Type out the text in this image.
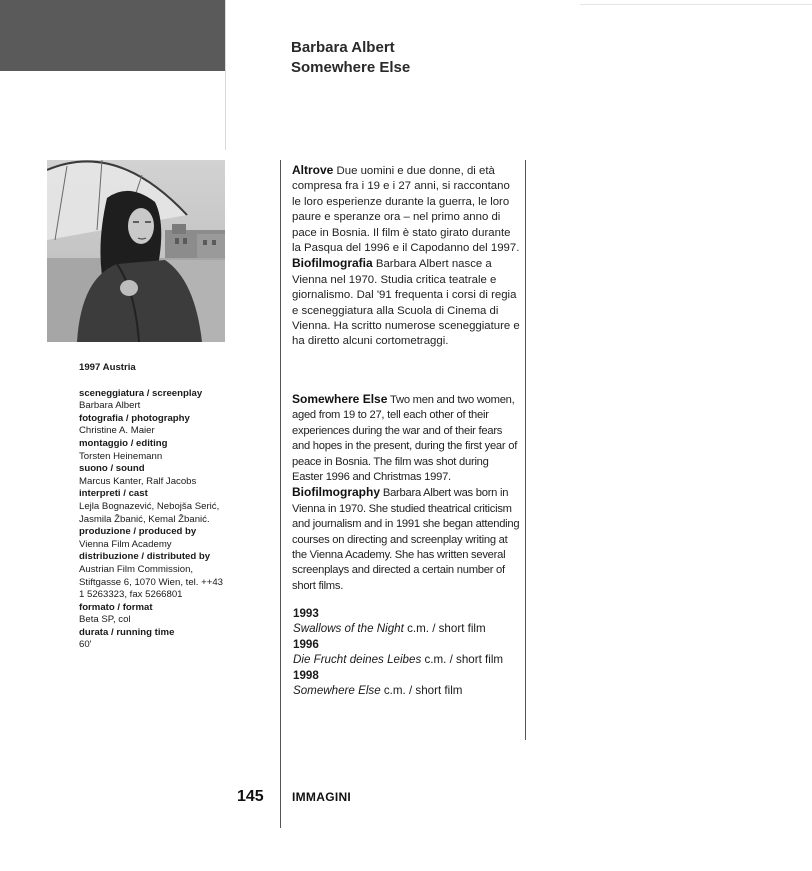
Barbara Albert
Somewhere Else
1997 Austria
sceneggiatura / screenplay
Barbara Albert
fotografia / photography
Christine A. Maier
montaggio / editing
Torsten Heinemann
suono / sound
Marcus Kanter, Ralf Jacobs
interpreti / cast
Lejla Bognazević, Nebojša Serić, Jasmila Žbanić, Kemal Žbanić.
produzione / produced by
Vienna Film Academy
distribuzione / distributed by
Austrian Film Commission, Stiftgasse 6, 1070 Wien, tel. ++43 1 5263323, fax 5266801
formato / format
Beta SP, col
durata / running time
60'
Altrove Due uomini e due donne, di età compresa fra i 19 e i 27 anni, si raccontano le loro esperienze durante la guerra, le loro paure e speranze ora – nel primo anno di pace in Bosnia. Il film è stato girato durante la Pasqua del 1996 e il Capodanno del 1997.
Biofilmografia Barbara Albert nasce a Vienna nel 1970. Studia critica teatrale e giornalismo. Dal '91 frequenta i corsi di regia e sceneggiatura alla Scuola di Cinema di Vienna. Ha scritto numerose sceneggiature e ha diretto alcuni cortometraggi.
Somewhere Else Two men and two women, aged from 19 to 27, tell each other of their experiences during the war and of their fears and hopes in the present, during the first year of peace in Bosnia. The film was shot during Easter 1996 and Christmas 1997.
Biofilmography Barbara Albert was born in Vienna in 1970. She studied theatrical criticism and journalism and in 1991 she began attending courses on directing and screenplay writing at the Vienna Academy. She has written several screenplays and directed a certain number of short films.
1993
Swallows of the Night c.m. / short film
1996
Die Frucht deines Leibes c.m. / short film
1998
Somewhere Else c.m. / short film
145 IMMAGINI
